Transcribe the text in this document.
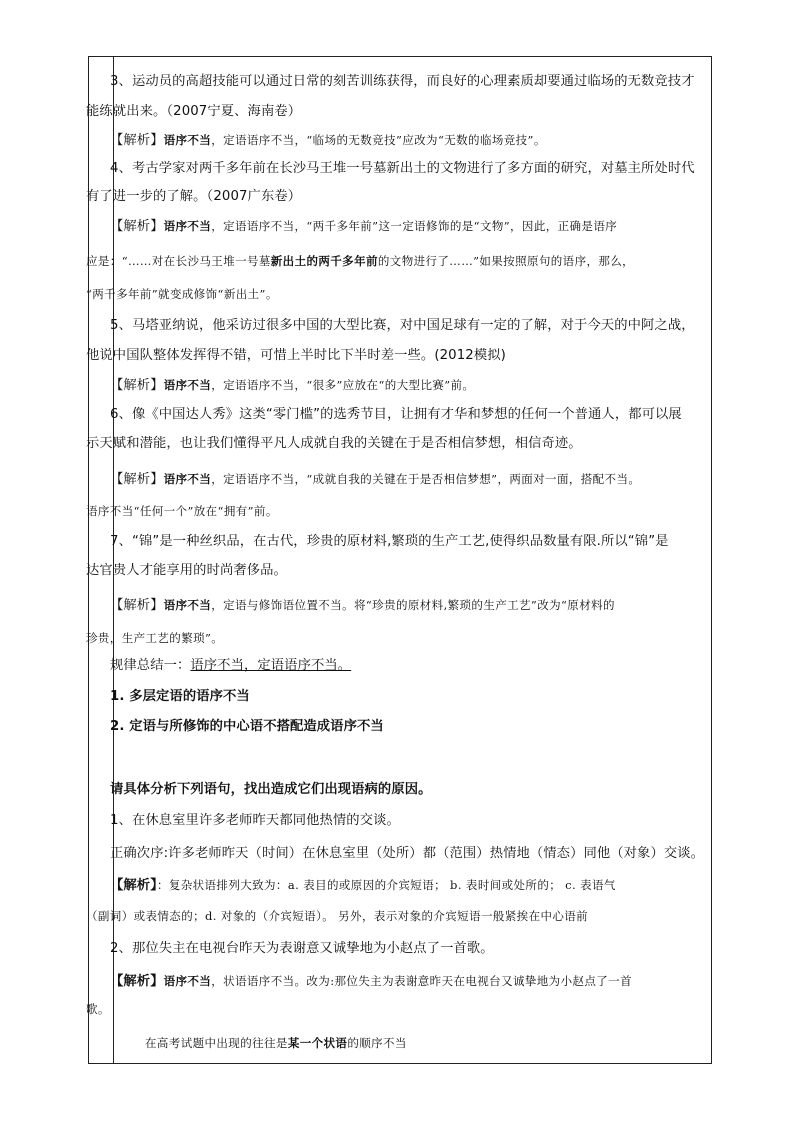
3、运动员的高超技能可以通过日常的刻苦训练获得，而良好的心理素质却要通过临场的无数竞技才
能练就出来。（2007宁夏、海南卷）
【解析】语序不当，定语语序不当，“临场的无数竞技”应改为“无数的临场竞技”。
4、考古学家对两千多年前在长沙马王堆一号墓新出土的文物进行了多方面的研究，对墓主所处时代
有了进一步的了解。（2007广东卷）
【解析】语序不当，定语语序不当，“两千多年前”这一定语修饰的是“文物”，因此，正确是语序
应是：“……对在长沙马王堆一号墓新出土的两千多年前的文物进行了……”如果按照原句的语序，那么，
“两千多年前”就变成修饰“新出土”。
5、马塔亚纳说，他采访过很多中国的大型比赛，对中国足球有一定的了解，对于今天的中阿之战，
他说中国队整体发挥得不错，可惜上半时比下半时差一些。(2012模拟)
【解析】语序不当，定语语序不当，“很多”应放在“的大型比赛”前。
6、像《中国达人秀》这类“零门槛”的选秀节目，让拥有才华和梦想的任何一个普通人，都可以展
示天赋和潜能，也让我们懂得平凡人成就自我的关键在于是否相信梦想，相信奇迹。
【解析】语序不当，定语语序不当，“成就自我的关键在于是否相信梦想”，两面对一面，搭配不当。
语序不当“任何一个”放在“拥有”前。
7、“锦”是一种丝织品，在古代，珍贵的原材料,繁琐的生产工艺,使得织品数量有限.所以“锦”是
达官贵人才能享用的时尚奢侈品。
【解析】语序不当，定语与修饰语位置不当。将“珍贵的原材料,繁琐的生产工艺”改为“原材料的
珍贵，生产工艺的繁琐”。
规律总结一：语序不当，定语语序不当。
1. 多层定语的语序不当
2. 定语与所修饰的中心语不搭配造成语序不当
请具体分析下列语句，找出造成它们出现语病的原因。
1、在休息室里许多老师昨天都同他热情的交谈。
正确次序:许多老师昨天（时间）在休息室里（处所）都（范围）热情地（情态）同他（对象）交谈。
【解析】：复杂状语排列大致为：a. 表目的或原因的介宾短语； b. 表时间或处所的； c. 表语气
（副词）或表情态的；d. 对象的（介宾短语）。 另外，表示对象的介宾短语一般紧挨在中心语前
2、那位失主在电视台昨天为表谢意又诚挚地为小赵点了一首歌。
【解析】语序不当，状语语序不当。改为:那位失主为表谢意昨天在电视台又诚挚地为小赵点了一首
歌。
在高考试题中出现的往往是某一个状语的顺序不当
